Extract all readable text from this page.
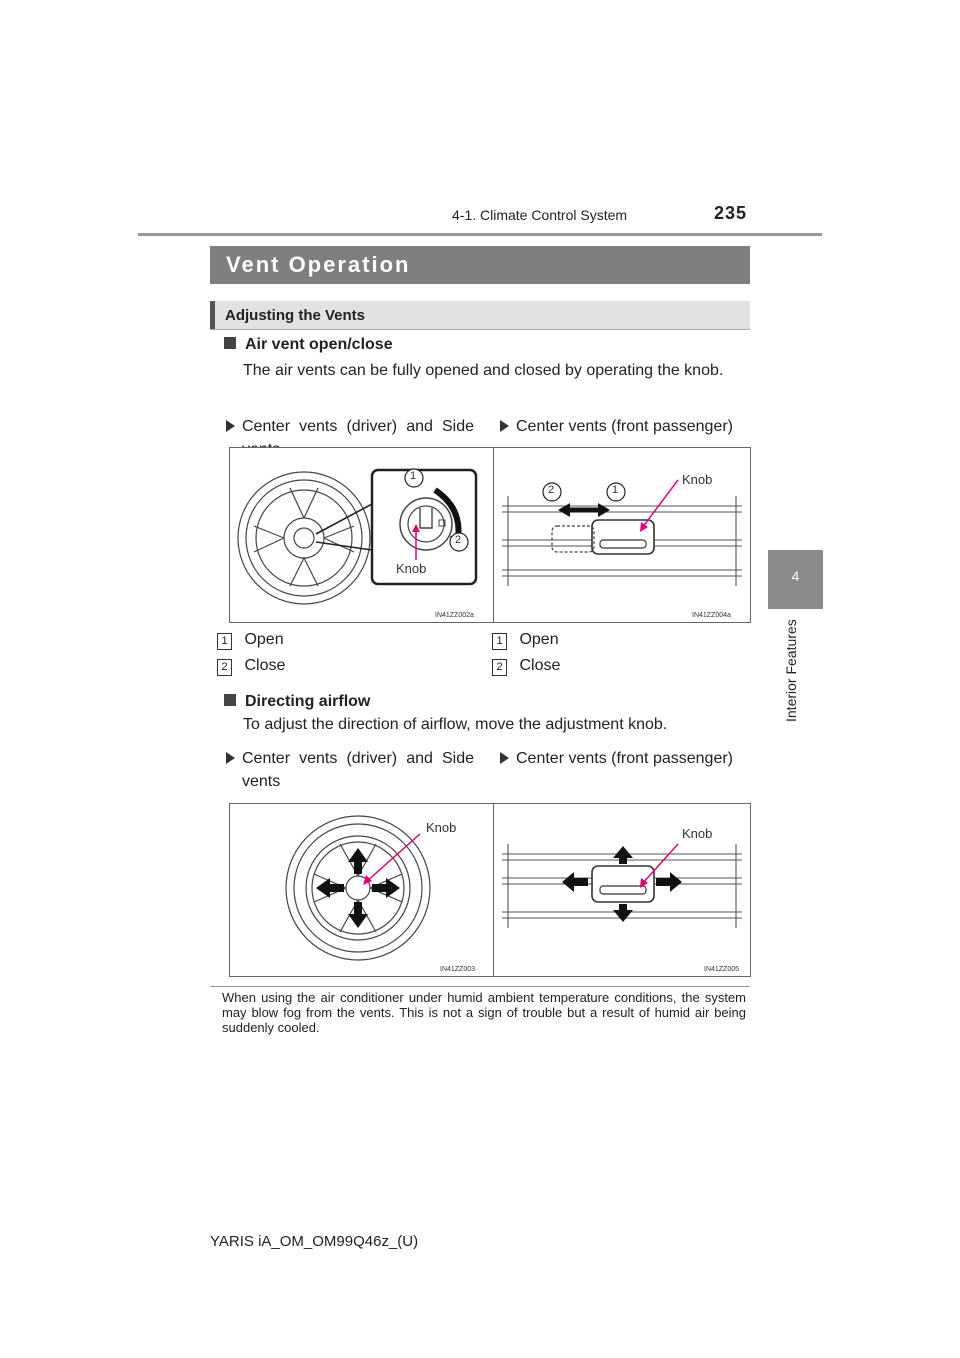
4-1. Climate Control System	235
4
Interior Features
Vent Operation
Adjusting the Vents
Air vent open/close
The air vents can be fully opened and closed by operating the knob.
Center vents (driver) and Side	Center vents (front passenger)
1
2
Knob
IN41ZZ002a
1
2
Knob
IN41ZZ004a
1 Open
2 Close
1 Open
2 Close
Directing airflow
To adjust the direction of airflow, move the adjustment knob.
Center vents (driver) and Side vents
Center vents (front passenger)
Knob
IN41ZZ003
Knob
IN41ZZ005
When using the air conditioner under humid ambient temperature conditions, the system may blow fog from the vents. This is not a sign of trouble but a result of humid air being suddenly cooled.
YARIS iA_OM_OM99Q46z_(U)
